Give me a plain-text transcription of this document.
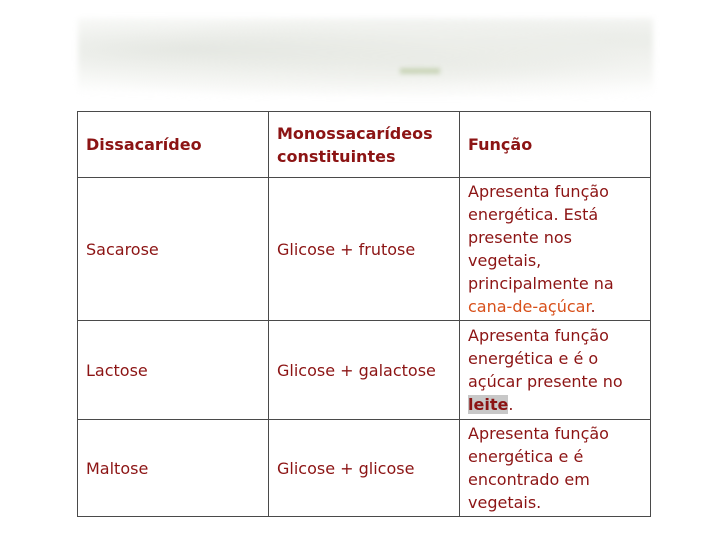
Dissacarídeo	Monossacarídeos constituintes	Função
Sacarose	Glicose + frutose	Apresenta função energética. Está presente nos vegetais, principalmente na cana-de-açúcar.
Lactose	Glicose + galactose	Apresenta função energética e é o açúcar presente no leite.
Maltose	Glicose + glicose	Apresenta função energética e é encontrado em vegetais.
